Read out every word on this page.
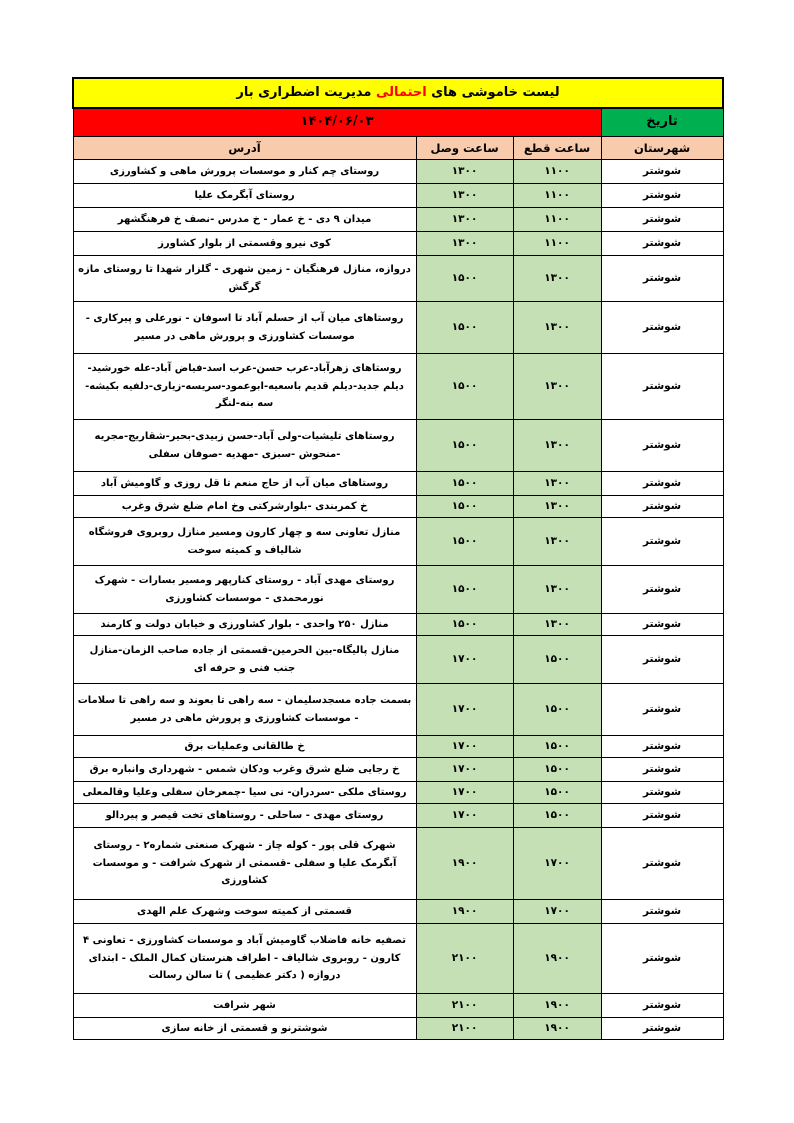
لیست خاموشی های احتمالی مدیریت اضطراری بار			
تاریخ	۱۴۰۴/۰۶/۰۳		
شهرستان	ساعت قطع	ساعت وصل	آدرس
شوشتر	۱۱۰۰	۱۳۰۰	روستای چم کنار و موسسات پرورش ماهی و کشاورزی
شوشتر	۱۱۰۰	۱۳۰۰	روستای آبگرمک علیا
شوشتر	۱۱۰۰	۱۳۰۰	میدان ۹ دی - خ عمار - خ مدرس -نصف خ فرهنگشهر
شوشتر	۱۱۰۰	۱۳۰۰	کوی نیرو وقسمتی از بلوار کشاورز
شوشتر	۱۳۰۰	۱۵۰۰	دروازه، منازل فرهنگیان - زمین شهری - گلزار شهدا تا روستای مازه گرگش
شوشتر	۱۳۰۰	۱۵۰۰	روستاهای میان آب از حسلم آباد تا اسوفان - نورعلی و پیرکاری - موسسات کشاورزی و پرورش ماهی در مسیر
شوشتر	۱۳۰۰	۱۵۰۰	روستاهای زهرآباد-عرب حسن-عرب اسد-فیاض آباد-عله خورشید-دیلم جدید-دیلم قدیم باسعیه-ابوعمود-سریسه-زیاری-دلفیه بکیشه-سه بنه-لنگر
شوشتر	۱۳۰۰	۱۵۰۰	روستاهای تلیشیات-ولی آباد-حسن زبیدی-بحیر-شقاریج-مجریه -منحوش -سبزی -مهدیه -صوفان سفلی
شوشتر	۱۳۰۰	۱۵۰۰	روستاهای میان آب از حاج منعم تا قل روزی و گاومیش آباد
شوشتر	۱۳۰۰	۱۵۰۰	خ کمربندی -بلوارشرکتی وخ امام ضلع شرق وغرب
شوشتر	۱۳۰۰	۱۵۰۰	منازل تعاونی سه و چهار کارون ومسیر منازل روبروی فروشگاه شالیاف و کمیته سوخت
شوشتر	۱۳۰۰	۱۵۰۰	روستای مهدی آباد - روستای کنارپهر ومسیر بسارات - شهرک نورمحمدی - موسسات کشاورزی
شوشتر	۱۳۰۰	۱۵۰۰	منازل ۲۵۰ واحدی - بلوار کشاورزی و خیابان دولت و کارمند
شوشتر	۱۵۰۰	۱۷۰۰	منازل پالیگاه-بین الحرمین-قسمتی از جاده صاحب الزمان-منازل جنب فنی و حرفه ای
شوشتر	۱۵۰۰	۱۷۰۰	بسمت جاده مسجدسلیمان - سه راهی تا بعوند و سه راهی تا سلامات - موسسات کشاورزی و پرورش ماهی در مسیر
شوشتر	۱۵۰۰	۱۷۰۰	خ طالقانی وعملیات برق
شوشتر	۱۵۰۰	۱۷۰۰	خ رجایی ضلع شرق وغرب ودکان شمس - شهرداری وانباره برق
شوشتر	۱۵۰۰	۱۷۰۰	روستای ملکی -سردران- نی سیا -چمعرخان سفلی وعلیا وقالمعلی
شوشتر	۱۵۰۰	۱۷۰۰	روستای مهدی - ساحلی - روستاهای تخت قیصر و پیردالو
شوشتر	۱۷۰۰	۱۹۰۰	شهرک قلی پور - کوله چاز - شهرک صنعتی شماره۲ - روستای آبگرمک علیا و سفلی -قسمتی از شهرک شرافت - و موسسات کشاورزی
شوشتر	۱۷۰۰	۱۹۰۰	قسمتی از کمیته سوخت وشهرک علم الهدی
شوشتر	۱۹۰۰	۲۱۰۰	تصفیه خانه فاضلاب گاومیش آباد و موسسات کشاورزی - تعاونی ۴ کارون - روبروی شالیاف - اطراف هنرستان کمال الملک - ابتدای دروازه ( دکتر عظیمی ) تا سالن رسالت
شوشتر	۱۹۰۰	۲۱۰۰	شهر شرافت
شوشتر	۱۹۰۰	۲۱۰۰	شوشترنو و قسمتی از خانه سازی
